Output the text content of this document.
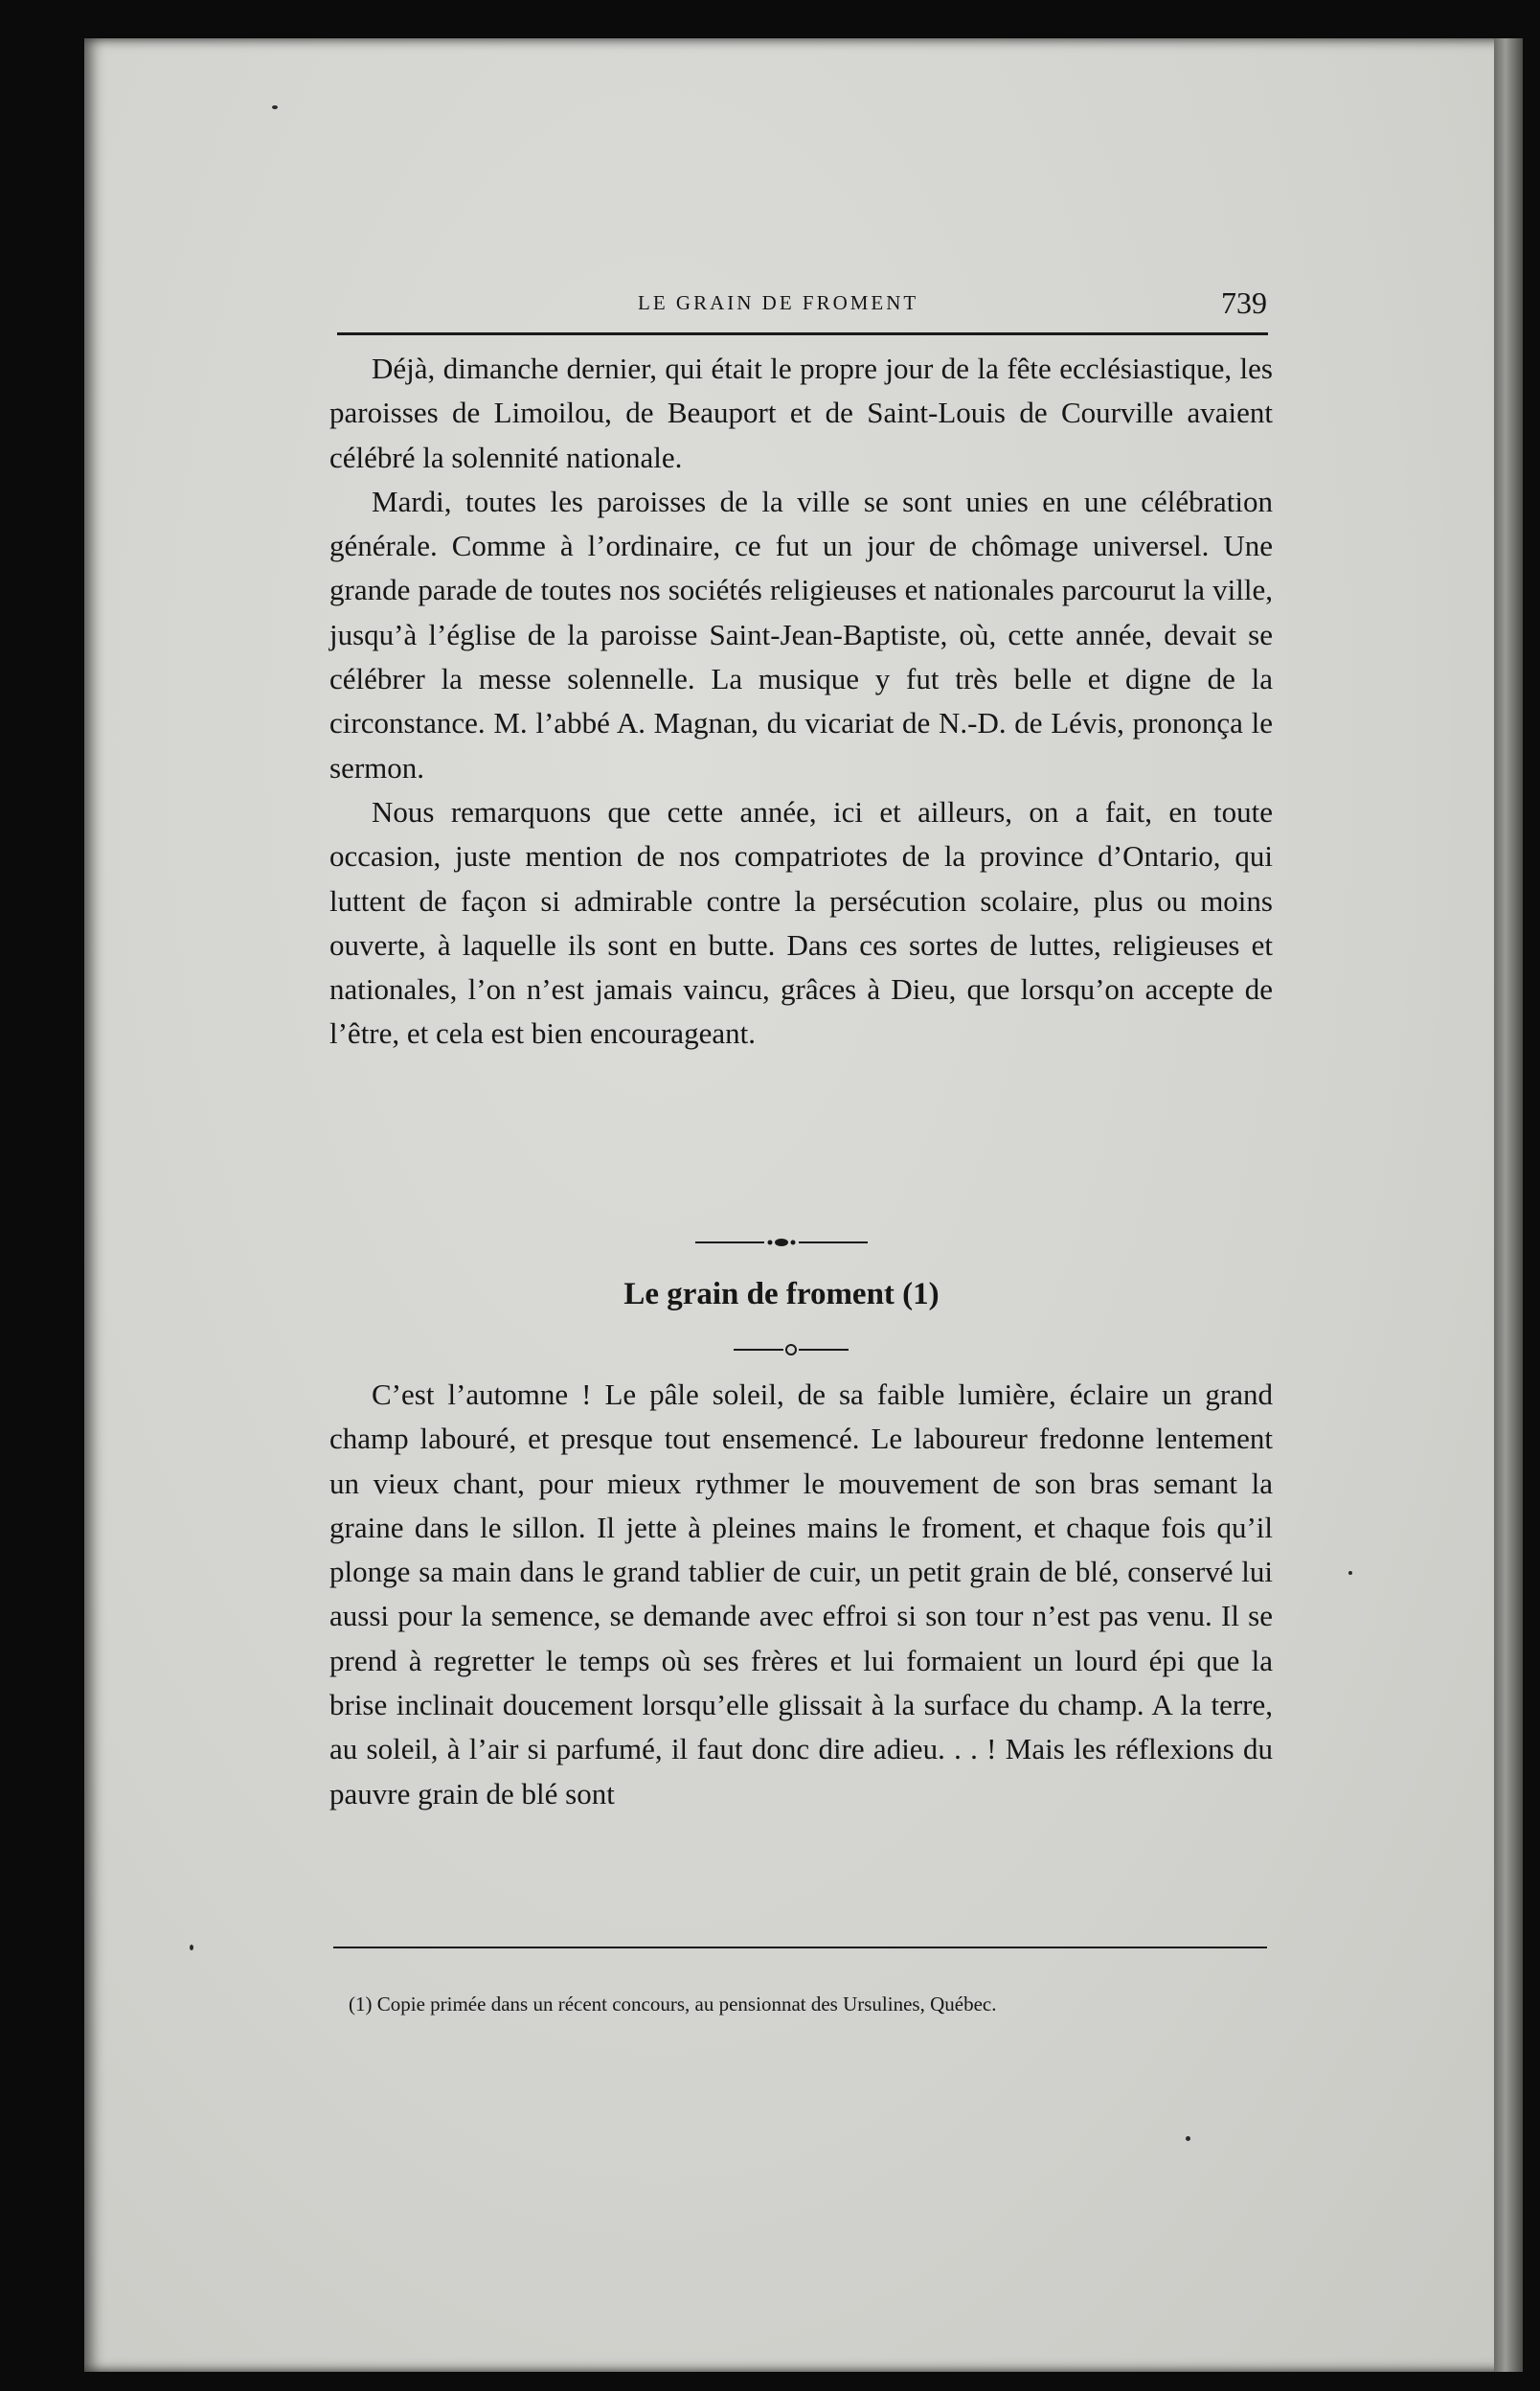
LE GRAIN DE FROMENT	739

Déjà, dimanche dernier, qui était le propre jour de la fête ecclésiastique, les paroisses de Limoilou, de Beauport et de Saint-Louis de Courville avaient célébré la solennité nationale.

Mardi, toutes les paroisses de la ville se sont unies en une célébration générale. Comme à l’ordinaire, ce fut un jour de chômage universel. Une grande parade de toutes nos sociétés religieuses et nationales parcourut la ville, jusqu’à l’église de la paroisse Saint-Jean-Baptiste, où, cette année, devait se célébrer la messe solennelle. La musique y fut très belle et digne de la circonstance. M. l’abbé A. Magnan, du vicariat de N.-D. de Lévis, prononça le sermon.

Nous remarquons que cette année, ici et ailleurs, on a fait, en toute occasion, juste mention de nos compatriotes de la province d’Ontario, qui luttent de façon si admirable contre la persécution scolaire, plus ou moins ouverte, à laquelle ils sont en butte. Dans ces sortes de luttes, religieuses et nationales, l’on n’est jamais vaincu, grâces à Dieu, que lorsqu’on accepte de l’être, et cela est bien encourageant.

Le grain de froment (1)

C’est l’automne ! Le pâle soleil, de sa faible lumière, éclaire un grand champ labouré, et presque tout ensemencé. Le laboureur fredonne lentement un vieux chant, pour mieux rythmer le mouvement de son bras semant la graine dans le sillon. Il jette à pleines mains le froment, et chaque fois qu’il plonge sa main dans le grand tablier de cuir, un petit grain de blé, conservé lui aussi pour la semence, se demande avec effroi si son tour n’est pas venu. Il se prend à regretter le temps où ses frères et lui formaient un lourd épi que la brise inclinait doucement lorsqu’elle glissait à la surface du champ. A la terre, au soleil, à l’air si parfumé, il faut donc dire adieu. . . ! Mais les réflexions du pauvre grain de blé sont

(1) Copie primée dans un récent concours, au pensionnat des Ursulines, Québec.
